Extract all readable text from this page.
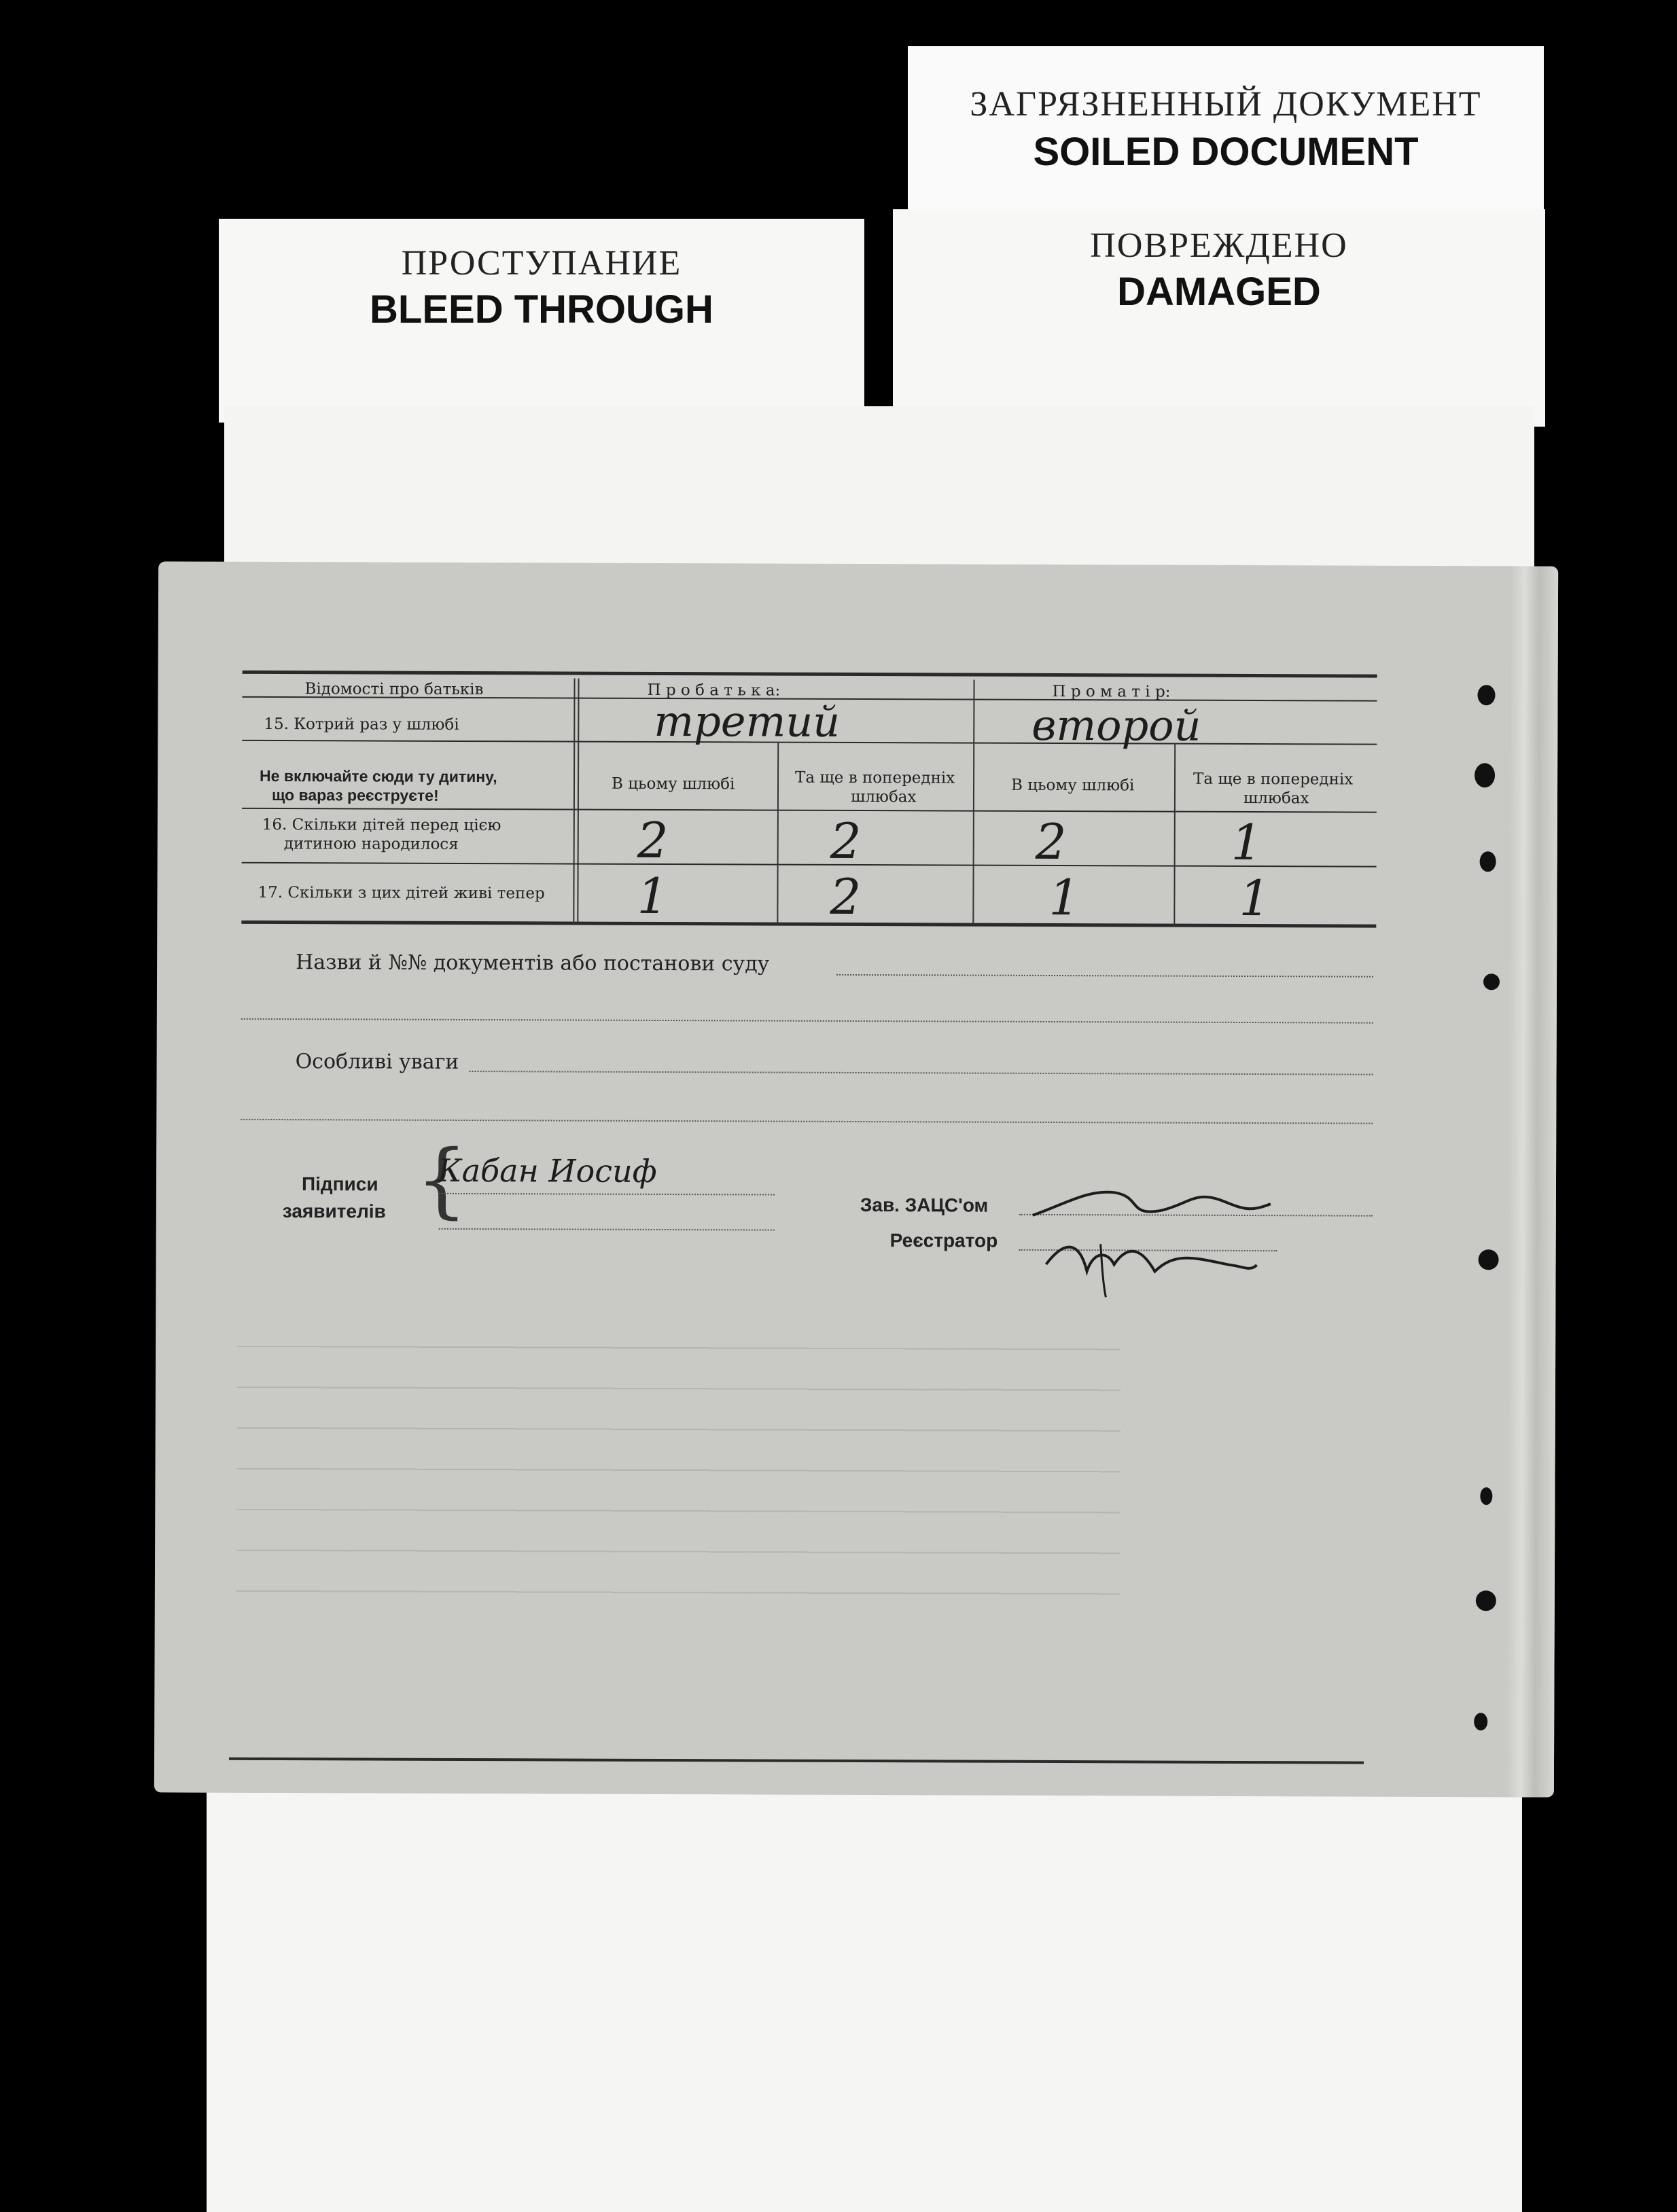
ЗАГРЯЗНЕННЫЙ ДОКУМЕНТ
SOILED DOCUMENT
ПРОСТУПАНИЕ
BLEED THROUGH
ПОВРЕЖДЕНО
DAMAGED
Відомості про батьків	П р о б а т ь к а:	П р о м а т і р:
15. Котрий раз у шлюбі	третий	второй
Не включайте сюди ту дитину,
що вараз реєструєте!
В цьому шлюбі	Та ще в попередніх
шлюбах
В цьому шлюбі	Та ще в попередніх
шлюбах
16. Скільки дітей перед цією
дитиною народилося	2	2	2	1
17. Скільки з цих дітей живі тепер 1	2	1	1
Назви й №№ документів або постанови суду
Особливі уваги
Підписи
заявителів {
Кабан Иосиф
Зав. ЗАЦС'ом
Реєстратор
